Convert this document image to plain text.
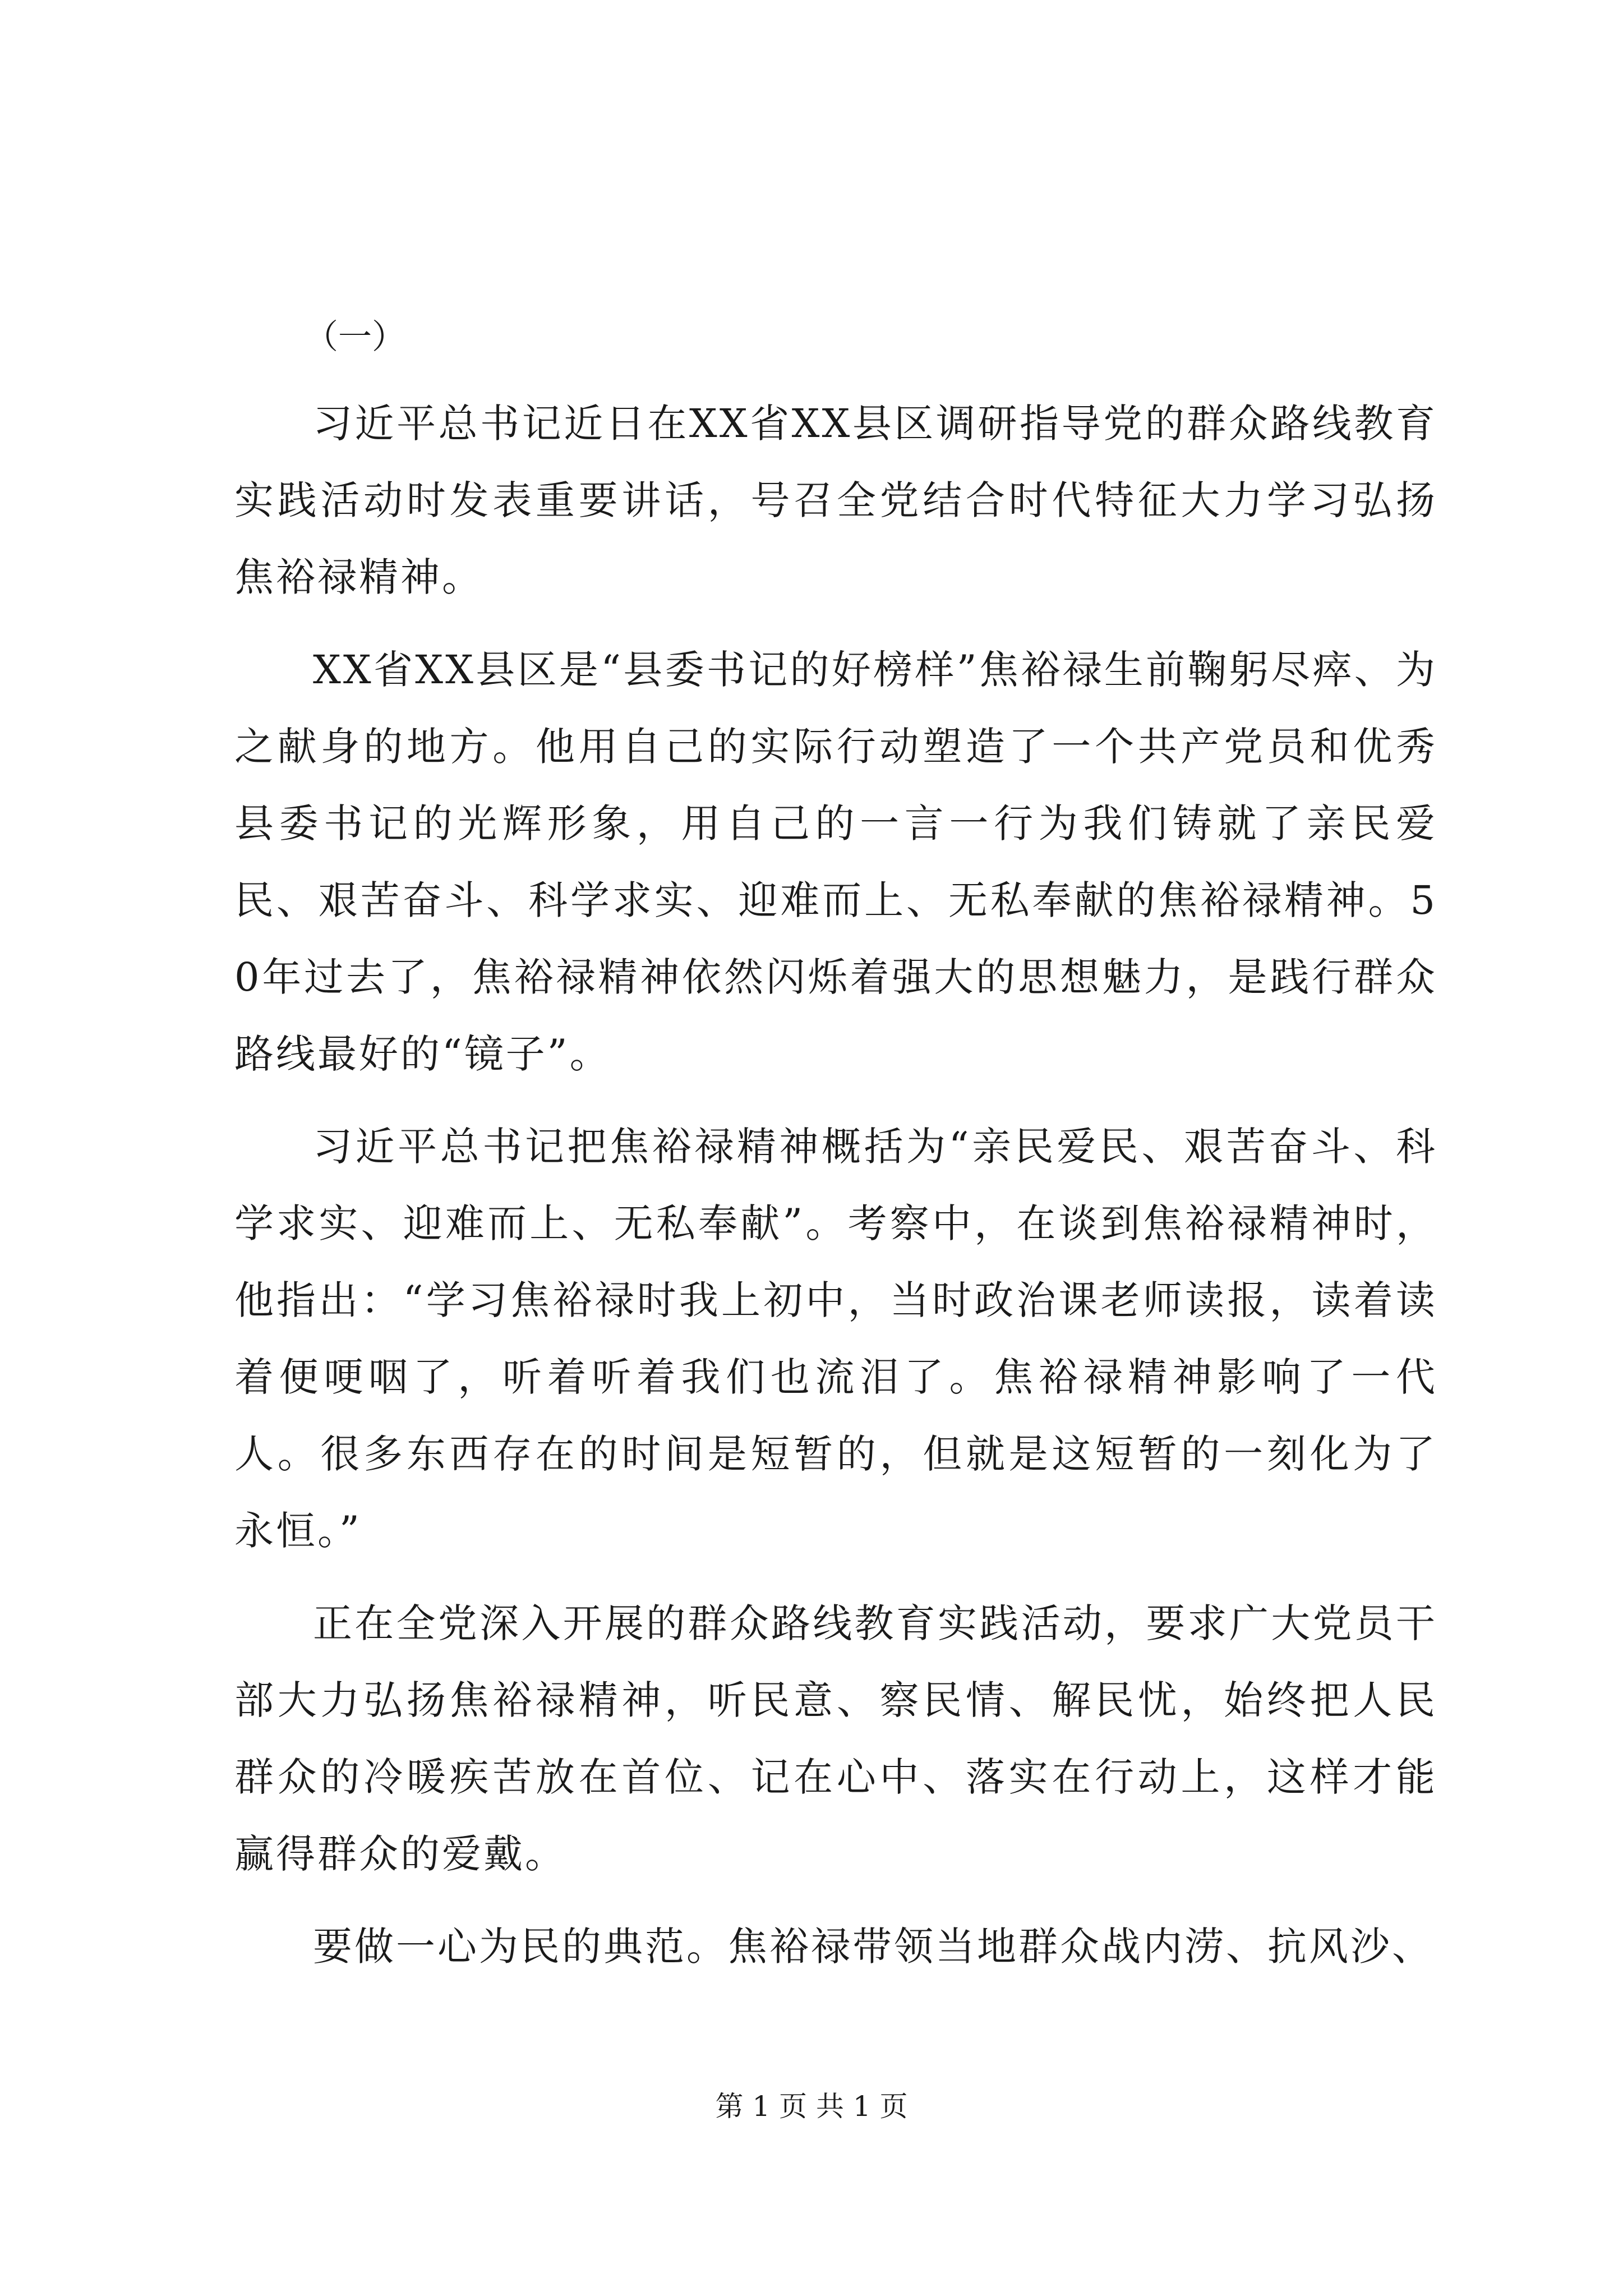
（一）

习近平总书记近日在XX省XX县区调研指导党的群众路线教育实践活动时发表重要讲话，号召全党结合时代特征大力学习弘扬焦裕禄精神。

XX省XX县区是“县委书记的好榜样”焦裕禄生前鞠躬尽瘁、为之献身的地方。他用自己的实际行动塑造了一个共产党员和优秀县委书记的光辉形象，用自己的一言一行为我们铸就了亲民爱民、艰苦奋斗、科学求实、迎难而上、无私奉献的焦裕禄精神。50年过去了，焦裕禄精神依然闪烁着强大的思想魅力，是践行群众路线最好的“镜子”。

习近平总书记把焦裕禄精神概括为“亲民爱民、艰苦奋斗、科学求实、迎难而上、无私奉献”。考察中，在谈到焦裕禄精神时，他指出：“学习焦裕禄时我上初中，当时政治课老师读报，读着读着便哽咽了，听着听着我们也流泪了。焦裕禄精神影响了一代人。很多东西存在的时间是短暂的，但就是这短暂的一刻化为了永恒。”

正在全党深入开展的群众路线教育实践活动，要求广大党员干部大力弘扬焦裕禄精神，听民意、察民情、解民忧，始终把人民群众的冷暖疾苦放在首位、记在心中、落实在行动上，这样才能赢得群众的爱戴。

要做一心为民的典范。焦裕禄带领当地群众战内涝、抗风沙、

第 1 页 共 1 页
